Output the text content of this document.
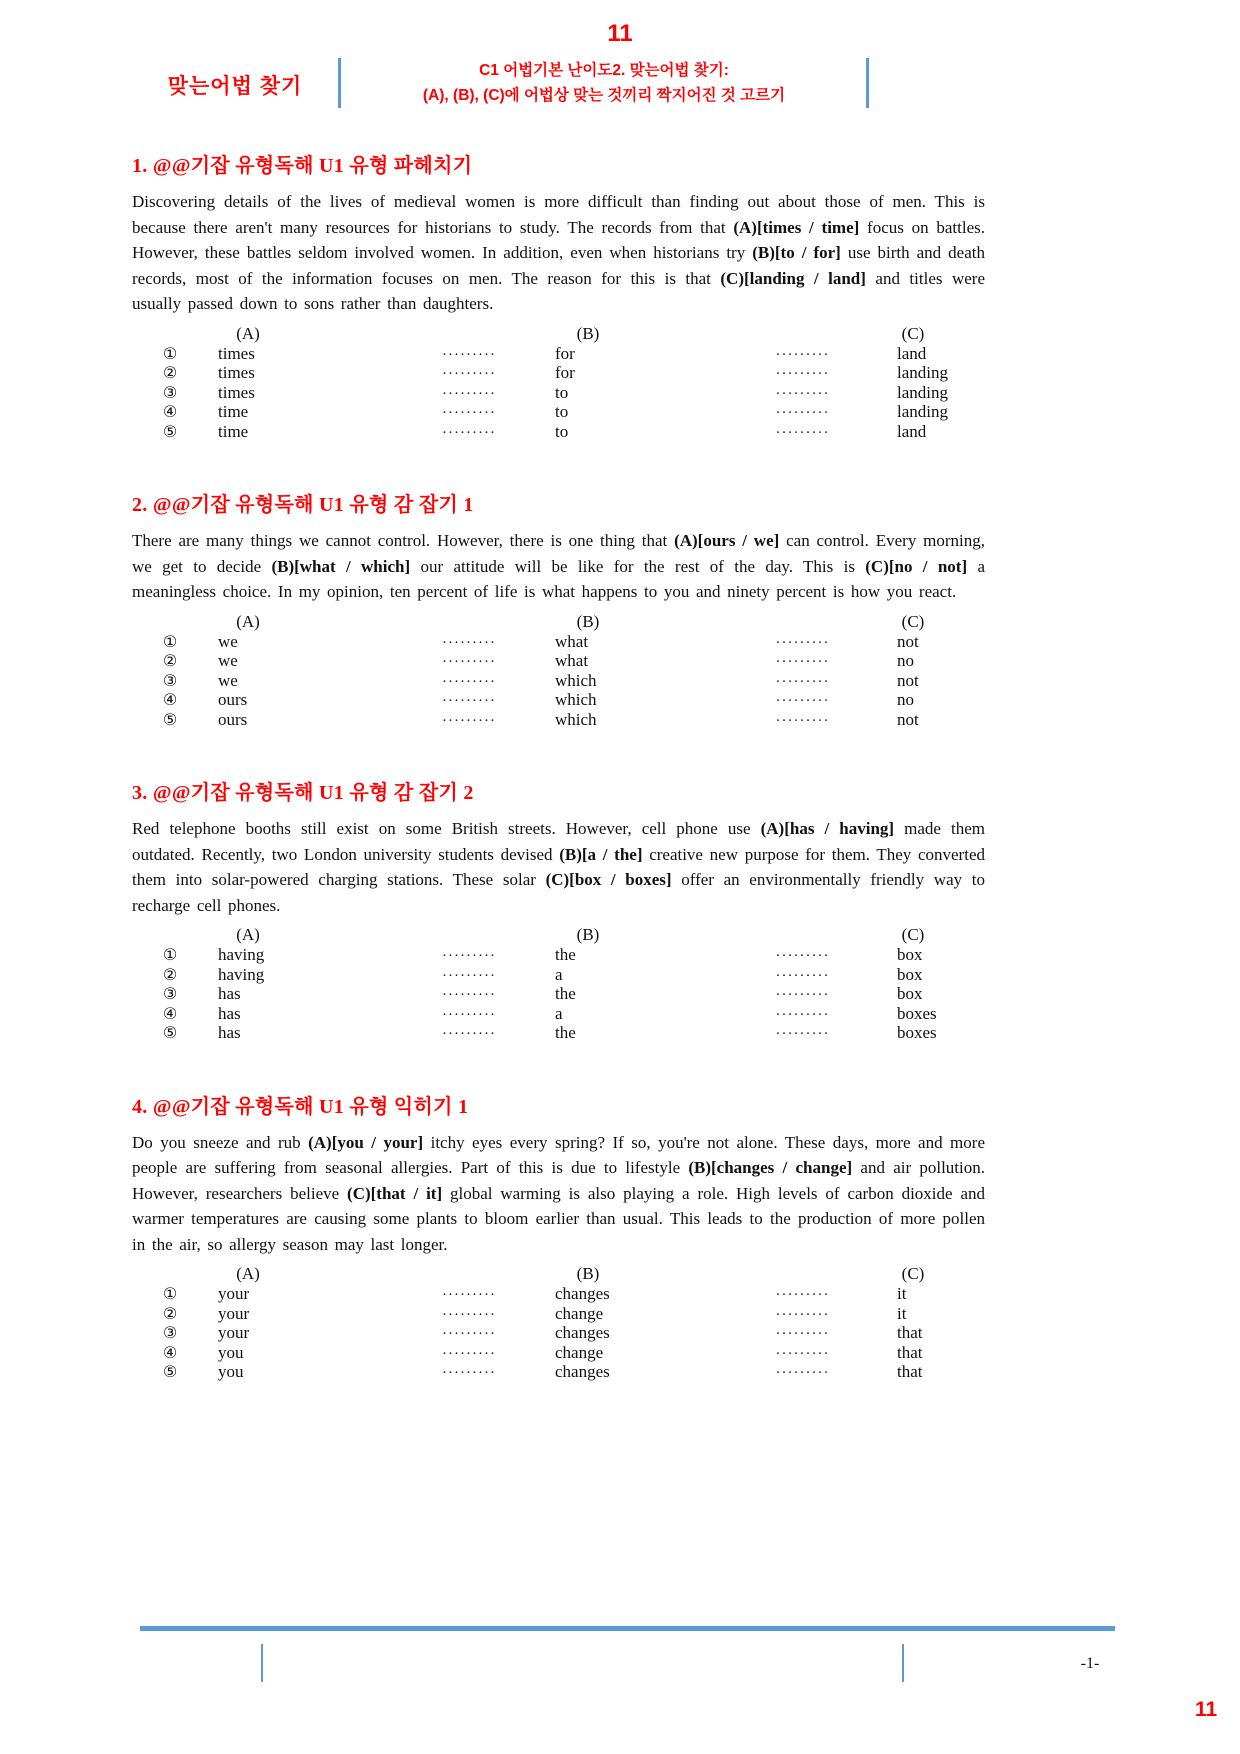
11
맞는어법 찾기
C1 어법기본 난이도2. 맞는어법 찾기:
(A), (B), (C)에 어법상 맞는 것끼리 짝지어진 것 고르기
1. @@기잡 유형독해 U1 유형 파헤치기

Discovering details of the lives of medieval women is more difficult than finding out about those of men. This is because there aren't many resources for historians to study. The records from that (A)[times / time] focus on battles. However, these battles seldom involved women. In addition, even when historians try (B)[to / for] use birth and death records, most of the information focuses on men. The reason for this is that (C)[landing / land] and titles were usually passed down to sons rather than daughters.

(A)	(B)	(C)
①	times	·········	for	·········	land
②	times	·········	for	·········	landing
③	times	·········	to	·········	landing
④	time	·········	to	·········	landing
⑤	time	·········	to	·········	land
2. @@기잡 유형독해 U1 유형 감 잡기 1

There are many things we cannot control. However, there is one thing that (A)[ours / we] can control. Every morning, we get to decide (B)[what / which] our attitude will be like for the rest of the day. This is (C)[no / not] a meaningless choice. In my opinion, ten percent of life is what happens to you and ninety percent is how you react.

(A)	(B)	(C)
①	we	·········	what	·········	not
②	we	·········	what	·········	no
③	we	·········	which	·········	not
④	ours	·········	which	·········	no
⑤	ours	·········	which	·········	not
3. @@기잡 유형독해 U1 유형 감 잡기 2

Red telephone booths still exist on some British streets. However, cell phone use (A)[has / having] made them outdated. Recently, two London university students devised (B)[a / the] creative new purpose for them. They converted them into solar-powered charging stations. These solar (C)[box / boxes] offer an environmentally friendly way to recharge cell phones.

(A)	(B)	(C)
①	having	·········	the	·········	box
②	having	·········	a	·········	box
③	has	·········	the	·········	box
④	has	·········	a	·········	boxes
⑤	has	·········	the	·········	boxes
4. @@기잡 유형독해 U1 유형 익히기 1

Do you sneeze and rub (A)[you / your] itchy eyes every spring? If so, you're not alone. These days, more and more people are suffering from seasonal allergies. Part of this is due to lifestyle (B)[changes / change] and air pollution. However, researchers believe (C)[that / it] global warming is also playing a role. High levels of carbon dioxide and warmer temperatures are causing some plants to bloom earlier than usual. This leads to the production of more pollen in the air, so allergy season may last longer.

(A)	(B)	(C)
①	your	·········	changes	·········	it
②	your	·········	change	·········	it
③	your	·········	changes	·········	that
④	you	·········	change	·········	that
⑤	you	·········	changes	·········	that
-1-
11
